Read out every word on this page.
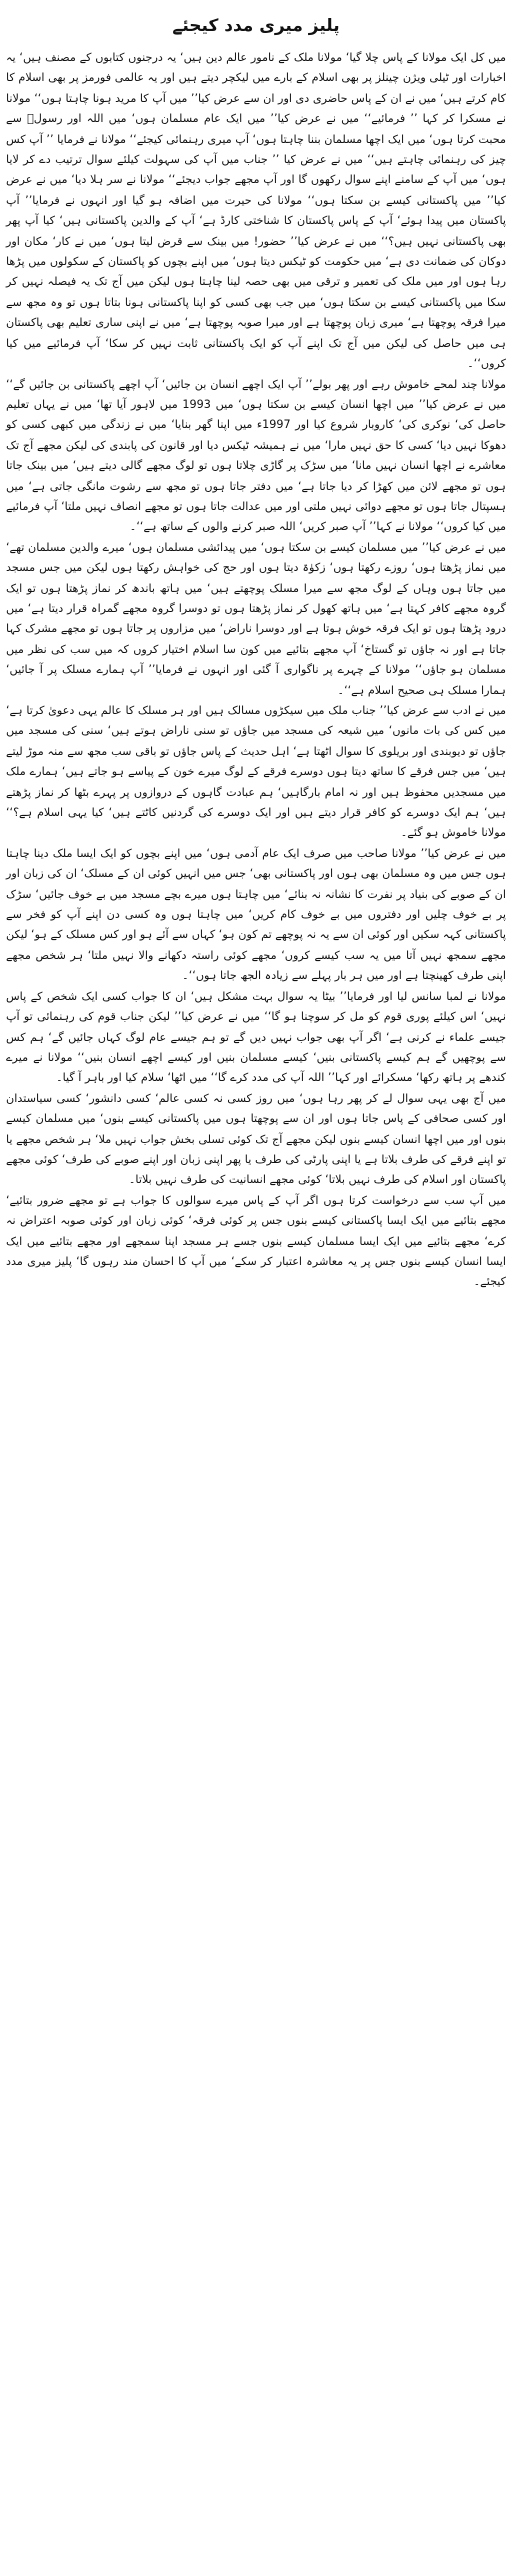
پلیز میری مدد کیجئے

میں کل ایک مولانا کے پاس چلا گیا‘ مولانا ملک کے نامور عالم دین ہیں‘ یہ درجنوں کتابوں کے مصنف ہیں‘ یہ اخبارات اور ٹیلی ویژن چینلز پر بھی اسلام کے بارے میں لیکچر دیتے ہیں اور یہ عالمی فورمز پر بھی اسلام کا کام کرتے ہیں‘ میں نے ان کے پاس حاضری دی اور ان سے عرض کیا’’ میں آپ کا مرید ہونا چاہتا ہوں‘‘ مولانا نے مسکرا کر کہا ’’ فرمائیے‘‘ میں نے عرض کیا’’ میں ایک عام مسلمان ہوں‘ میں اللہ اور رسولؐ سے محبت کرتا ہوں‘ میں ایک اچھا مسلمان بننا چاہتا ہوں‘ آپ میری رہنمائی کیجئے‘‘ مولانا نے فرمایا ’’ آپ کس چیز کی رہنمائی چاہتے ہیں‘‘ میں نے عرض کیا ’’ جناب میں آپ کی سہولت کیلئے سوال ترتیب دے کر لایا ہوں‘ میں آپ کے سامنے اپنے سوال رکھوں گا اور آپ مجھے جواب دیجئے‘‘ مولانا نے سر ہلا دیا‘ میں نے عرض کیا’’ میں پاکستانی کیسے بن سکتا ہوں‘‘ مولانا کی حیرت میں اضافہ ہو گیا اور انہوں نے فرمایا’’ آپ پاکستان میں پیدا ہوئے‘ آپ کے پاس پاکستان کا شناختی کارڈ ہے‘ آپ کے والدین پاکستانی ہیں‘ کیا آپ پھر بھی پاکستانی نہیں ہیں؟‘‘ میں نے عرض کیا’’ حضور! میں بینک سے قرض لیتا ہوں‘ میں نے کار‘ مکان اور دوکان کی ضمانت دی ہے‘ میں حکومت کو ٹیکس دیتا ہوں‘ میں اپنے بچوں کو پاکستان کے سکولوں میں پڑھا رہا ہوں اور میں ملک کی تعمیر و ترقی میں بھی حصہ لینا چاہتا ہوں لیکن میں آج تک یہ فیصلہ نہیں کر سکا میں پاکستانی کیسے بن سکتا ہوں‘ میں جب بھی کسی کو اپنا پاکستانی ہونا بتاتا ہوں تو وہ مجھ سے میرا فرقہ پوچھتا ہے‘ میری زبان پوچھتا ہے اور میرا صوبہ پوچھتا ہے‘ میں نے اپنی ساری تعلیم بھی پاکستان ہی میں حاصل کی لیکن میں آج تک اپنے آپ کو ایک پاکستانی ثابت نہیں کر سکا‘ آپ فرمائیے میں کیا کروں‘‘۔

مولانا چند لمحے خاموش رہے اور پھر بولے’’ آپ ایک اچھے انسان بن جائیں‘ آپ اچھے پاکستانی بن جائیں گے‘‘ میں نے عرض کیا’’ میں اچھا انسان کیسے بن سکتا ہوں‘ میں 1993 میں لاہور آیا تھا‘ میں نے یہاں تعلیم حاصل کی‘ نوکری کی‘ کاروبار شروع کیا اور 1997ء میں اپنا گھر بنایا‘ میں نے زندگی میں کبھی کسی کو دھوکا نہیں دیا‘ کسی کا حق نہیں مارا‘ میں نے ہمیشہ ٹیکس دیا اور قانون کی پابندی کی لیکن مجھے آج تک معاشرے نے اچھا انسان نہیں مانا‘ میں سڑک پر گاڑی چلاتا ہوں تو لوگ مجھے گالی دیتے ہیں‘ میں بینک جاتا ہوں تو مجھے لائن میں کھڑا کر دیا جاتا ہے‘ میں دفتر جاتا ہوں تو مجھ سے رشوت مانگی جاتی ہے‘ میں ہسپتال جاتا ہوں تو مجھے دوائی نہیں ملتی اور میں عدالت جاتا ہوں تو مجھے انصاف نہیں ملتا‘ آپ فرمائیے میں کیا کروں‘‘ مولانا نے کہا’’ آپ صبر کریں‘ اللہ صبر کرنے والوں کے ساتھ ہے‘‘۔

میں نے عرض کیا’’ میں مسلمان کیسے بن سکتا ہوں‘ میں پیدائشی مسلمان ہوں‘ میرے والدین مسلمان تھے‘ میں نماز پڑھتا ہوں‘ روزے رکھتا ہوں‘ زکوٰۃ دیتا ہوں اور حج کی خواہش رکھتا ہوں لیکن میں جس مسجد میں جاتا ہوں وہاں کے لوگ مجھ سے میرا مسلک پوچھتے ہیں‘ میں ہاتھ باندھ کر نماز پڑھتا ہوں تو ایک گروہ مجھے کافر کہتا ہے‘ میں ہاتھ کھول کر نماز پڑھتا ہوں تو دوسرا گروہ مجھے گمراہ قرار دیتا ہے‘ میں درود پڑھتا ہوں تو ایک فرقہ خوش ہوتا ہے اور دوسرا ناراض‘ میں مزاروں پر جاتا ہوں تو مجھے مشرک کہا جاتا ہے اور نہ جاؤں تو گستاخ‘ آپ مجھے بتائیے میں کون سا اسلام اختیار کروں کہ میں سب کی نظر میں مسلمان ہو جاؤں‘‘ مولانا کے چہرے پر ناگواری آ گئی اور انہوں نے فرمایا’’ آپ ہمارے مسلک پر آ جائیں‘ ہمارا مسلک ہی صحیح اسلام ہے‘‘۔

میں نے ادب سے عرض کیا’’ جناب ملک میں سیکڑوں مسالک ہیں اور ہر مسلک کا عالم یہی دعویٰ کرتا ہے‘ میں کس کی بات مانوں‘ میں شیعہ کی مسجد میں جاؤں تو سنی ناراض ہوتے ہیں‘ سنی کی مسجد میں جاؤں تو دیوبندی اور بریلوی کا سوال اٹھتا ہے‘ اہل حدیث کے پاس جاؤں تو باقی سب مجھ سے منہ موڑ لیتے ہیں‘ میں جس فرقے کا ساتھ دیتا ہوں دوسرے فرقے کے لوگ میرے خون کے پیاسے ہو جاتے ہیں‘ ہمارے ملک میں مسجدیں محفوظ ہیں اور نہ امام بارگاہیں‘ ہم عبادت گاہوں کے دروازوں پر پہرے بٹھا کر نماز پڑھتے ہیں‘ ہم ایک دوسرے کو کافر قرار دیتے ہیں اور ایک دوسرے کی گردنیں کاٹتے ہیں‘ کیا یہی اسلام ہے؟‘‘ مولانا خاموش ہو گئے۔

میں نے عرض کیا’’ مولانا صاحب میں صرف ایک عام آدمی ہوں‘ میں اپنے بچوں کو ایک ایسا ملک دینا چاہتا ہوں جس میں وہ مسلمان بھی ہوں اور پاکستانی بھی‘ جس میں انہیں کوئی ان کے مسلک‘ ان کی زبان اور ان کے صوبے کی بنیاد پر نفرت کا نشانہ نہ بنائے‘ میں چاہتا ہوں میرے بچے مسجد میں بے خوف جائیں‘ سڑک پر بے خوف چلیں اور دفتروں میں بے خوف کام کریں‘ میں چاہتا ہوں وہ کسی دن اپنے آپ کو فخر سے پاکستانی کہہ سکیں اور کوئی ان سے یہ نہ پوچھے تم کون ہو‘ کہاں سے آئے ہو اور کس مسلک کے ہو‘ لیکن مجھے سمجھ نہیں آتا میں یہ سب کیسے کروں‘ مجھے کوئی راستہ دکھانے والا نہیں ملتا‘ ہر شخص مجھے اپنی طرف کھینچتا ہے اور میں ہر بار پہلے سے زیادہ الجھ جاتا ہوں‘‘۔

مولانا نے لمبا سانس لیا اور فرمایا’’ بیٹا یہ سوال بہت مشکل ہیں‘ ان کا جواب کسی ایک شخص کے پاس نہیں‘ اس کیلئے پوری قوم کو مل کر سوچنا ہو گا‘‘ میں نے عرض کیا’’ لیکن جناب قوم کی رہنمائی تو آپ جیسے علماء نے کرنی ہے‘ اگر آپ بھی جواب نہیں دیں گے تو ہم جیسے عام لوگ کہاں جائیں گے‘ ہم کس سے پوچھیں گے ہم کیسے پاکستانی بنیں‘ کیسے مسلمان بنیں اور کیسے اچھے انسان بنیں‘‘ مولانا نے میرے کندھے پر ہاتھ رکھا‘ مسکرائے اور کہا’’ اللہ آپ کی مدد کرے گا‘‘ میں اٹھا‘ سلام کیا اور باہر آ گیا۔

میں آج بھی یہی سوال لے کر پھر رہا ہوں‘ میں روز کسی نہ کسی عالم‘ کسی دانشور‘ کسی سیاستدان اور کسی صحافی کے پاس جاتا ہوں اور ان سے پوچھتا ہوں میں پاکستانی کیسے بنوں‘ میں مسلمان کیسے بنوں اور میں اچھا انسان کیسے بنوں لیکن مجھے آج تک کوئی تسلی بخش جواب نہیں ملا‘ ہر شخص مجھے یا تو اپنے فرقے کی طرف بلاتا ہے یا اپنی پارٹی کی طرف یا پھر اپنی زبان اور اپنے صوبے کی طرف‘ کوئی مجھے پاکستان اور اسلام کی طرف نہیں بلاتا‘ کوئی مجھے انسانیت کی طرف نہیں بلاتا۔

میں آپ سب سے درخواست کرتا ہوں اگر آپ کے پاس میرے سوالوں کا جواب ہے تو مجھے ضرور بتائیے‘ مجھے بتائیے میں ایک ایسا پاکستانی کیسے بنوں جس پر کوئی فرقہ‘ کوئی زبان اور کوئی صوبہ اعتراض نہ کرے‘ مجھے بتائیے میں ایک ایسا مسلمان کیسے بنوں جسے ہر مسجد اپنا سمجھے اور مجھے بتائیے میں ایک ایسا انسان کیسے بنوں جس پر یہ معاشرہ اعتبار کر سکے‘ میں آپ کا احسان مند رہوں گا‘ پلیز میری مدد کیجئے۔
